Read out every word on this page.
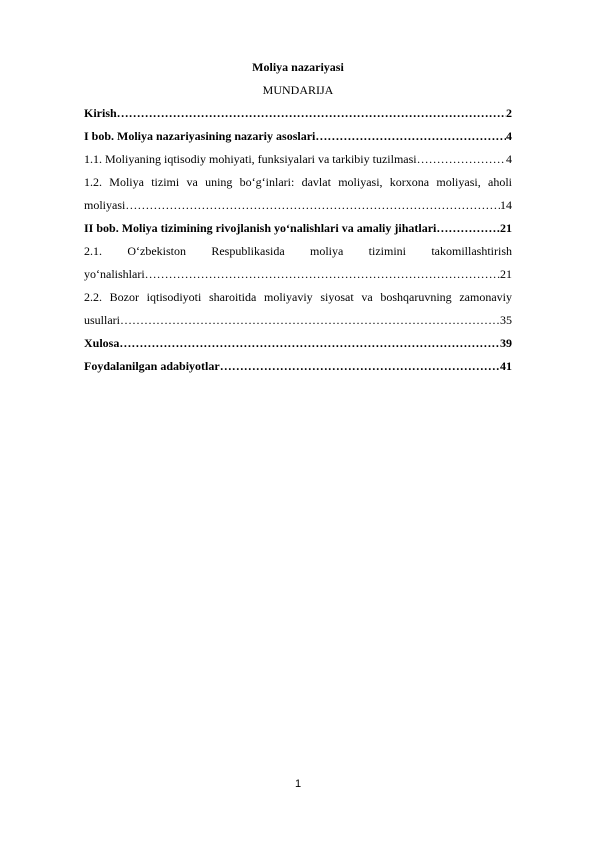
Moliya nazariyasi
MUNDARIJA
Kirish ……………………………………………………………………………………………………………………………………………………………………	2
I bob. Moliya nazariyasining nazariy asoslari ……………………………………………………………………………………………………………………………………………………………………	4
1.1. Moliyaning iqtisodiy mohiyati, funksiyalari va tarkibiy tuzilmasi ……………………………………………………………………………………………………………………………………………………………………	4
1.2. Moliya tizimi va uning bo‘g‘inlari: davlat moliyasi, korxona moliyasi, aholi
moliyasi ……………………………………………………………………………………………………………………………………………………………………	14
II bob. Moliya tizimining rivojlanish yo‘nalishlari va amaliy jihatlari ……………………………………………………………………………………………………………………………………………………………………	21
2.1. O‘zbekiston Respublikasida moliya tizimini takomillashtirish
yo‘nalishlari ……………………………………………………………………………………………………………………………………………………………………	21
2.2. Bozor iqtisodiyoti sharoitida moliyaviy siyosat va boshqaruvning zamonaviy
usullari ……………………………………………………………………………………………………………………………………………………………………	35
Xulosa ……………………………………………………………………………………………………………………………………………………………………	39
Foydalanilgan adabiyotlar ……………………………………………………………………………………………………………………………………………………………………	41
1
